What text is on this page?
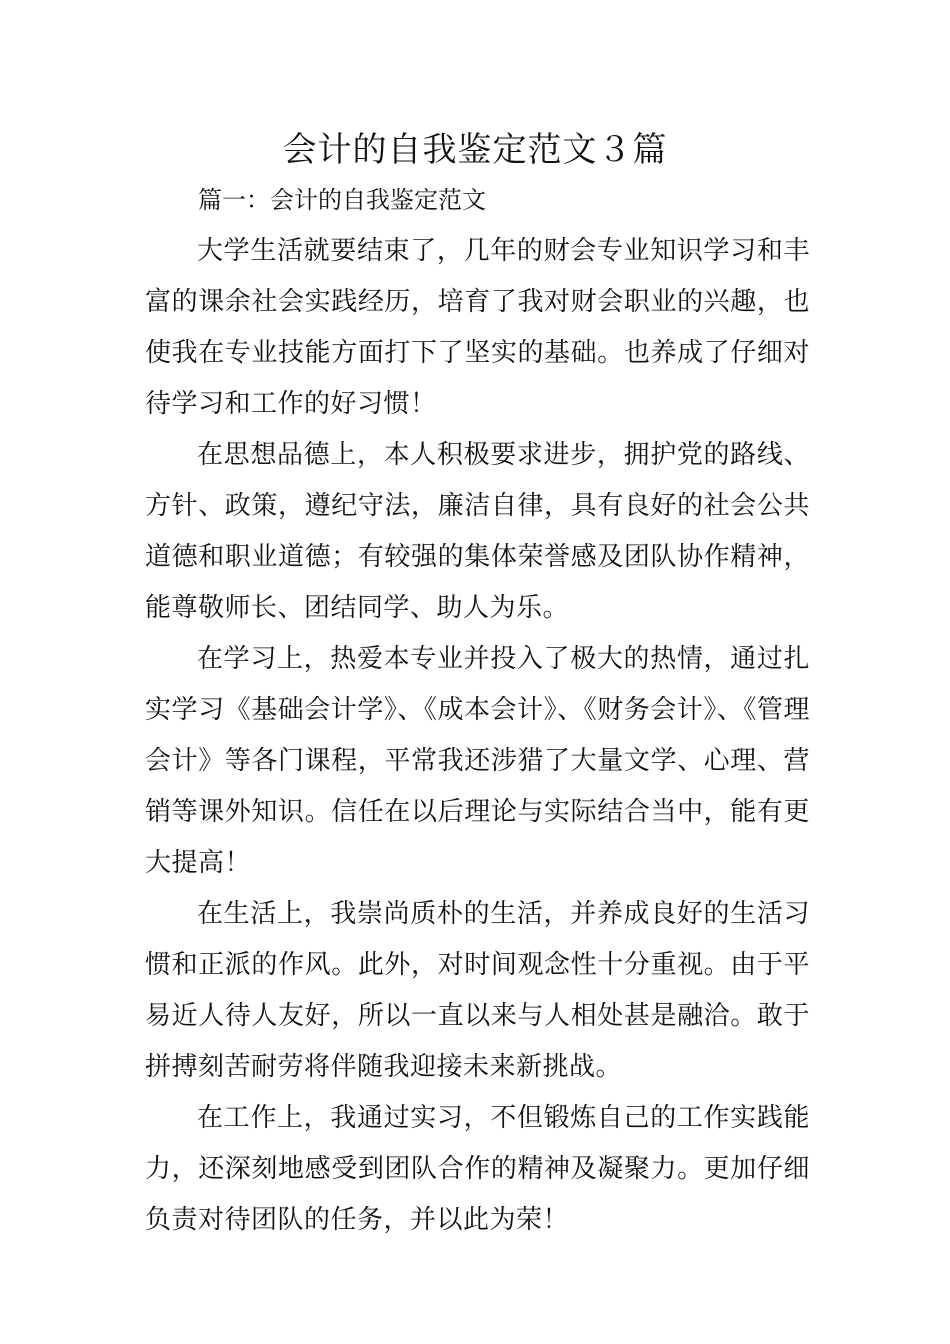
会计的自我鉴定范文３篇

篇一：会计的自我鉴定范文

大学生活就要结束了，几年的财会专业知识学习和丰富的课余社会实践经历，培育了我对财会职业的兴趣，也使我在专业技能方面打下了坚实的基础。也养成了仔细对待学习和工作的好习惯！

在思想品德上，本人积极要求进步，拥护党的路线、方针、政策，遵纪守法，廉洁自律，具有良好的社会公共道德和职业道德；有较强的集体荣誉感及团队协作精神，能尊敬师长、团结同学、助人为乐。

在学习上，热爱本专业并投入了极大的热情，通过扎实学习《基础会计学》、《成本会计》、《财务会计》、《管理会计》等各门课程，平常我还涉猎了大量文学、心理、营销等课外知识。信任在以后理论与实际结合当中，能有更大提高！

在生活上，我崇尚质朴的生活，并养成良好的生活习惯和正派的作风。此外，对时间观念性十分重视。由于平易近人待人友好，所以一直以来与人相处甚是融洽。敢于拼搏刻苦耐劳将伴随我迎接未来新挑战。

在工作上，我通过实习，不但锻炼自己的工作实践能力，还深刻地感受到团队合作的精神及凝聚力。更加仔细负责对待团队的任务，并以此为荣！
